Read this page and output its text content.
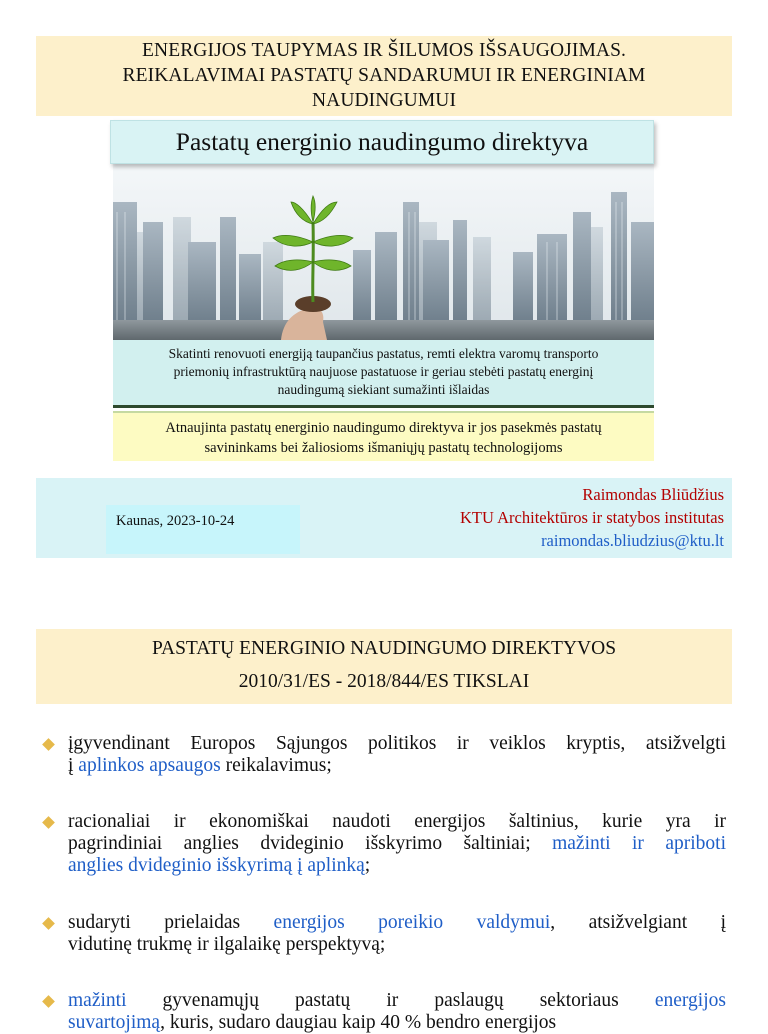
ENERGIJOS TAUPYMAS IR ŠILUMOS IŠSAUGOJIMAS.
REIKALAVIMAI PASTATŲ SANDARUMUI IR ENERGINIAM
NAUDINGUMUI
Pastatų energinio naudingumo direktyva
Skatinti renovuoti energiją taupančius pastatus, remti elektra varomų transporto
priemonių infrastruktūrą naujuose pastatuose ir geriau stebėti pastatų energinį
naudingumą siekiant sumažinti išlaidas
Atnaujinta pastatų energinio naudingumo direktyva ir jos pasekmės pastatų
savininkams bei žaliosioms išmaniųjų pastatų technologijoms
Kaunas, 2023-10-24
Raimondas Bliūdžius
KTU Architektūros ir statybos institutas
raimondas.bliudzius@ktu.lt
PASTATŲ ENERGINIO NAUDINGUMO DIREKTYVOS
2010/31/ES - 2018/844/ES TIKSLAI
įgyvendinant Europos Sąjungos politikos ir veiklos kryptis, atsižvelgti
į aplinkos apsaugos reikalavimus;
racionaliai ir ekonomiškai naudoti energijos šaltinius, kurie yra ir
pagrindiniai anglies dvideginio išskyrimo šaltiniai; mažinti ir apriboti
anglies dvideginio išskyrimą į aplinką;
sudaryti prielaidas energijos poreikio valdymui, atsižvelgiant į
vidutinę trukmę ir ilgalaikę perspektyvą;
mažinti gyvenamųjų pastatų ir paslaugų sektoriaus energijos
suvartojimą, kuris, sudaro daugiau kaip 40 % bendro energijos
